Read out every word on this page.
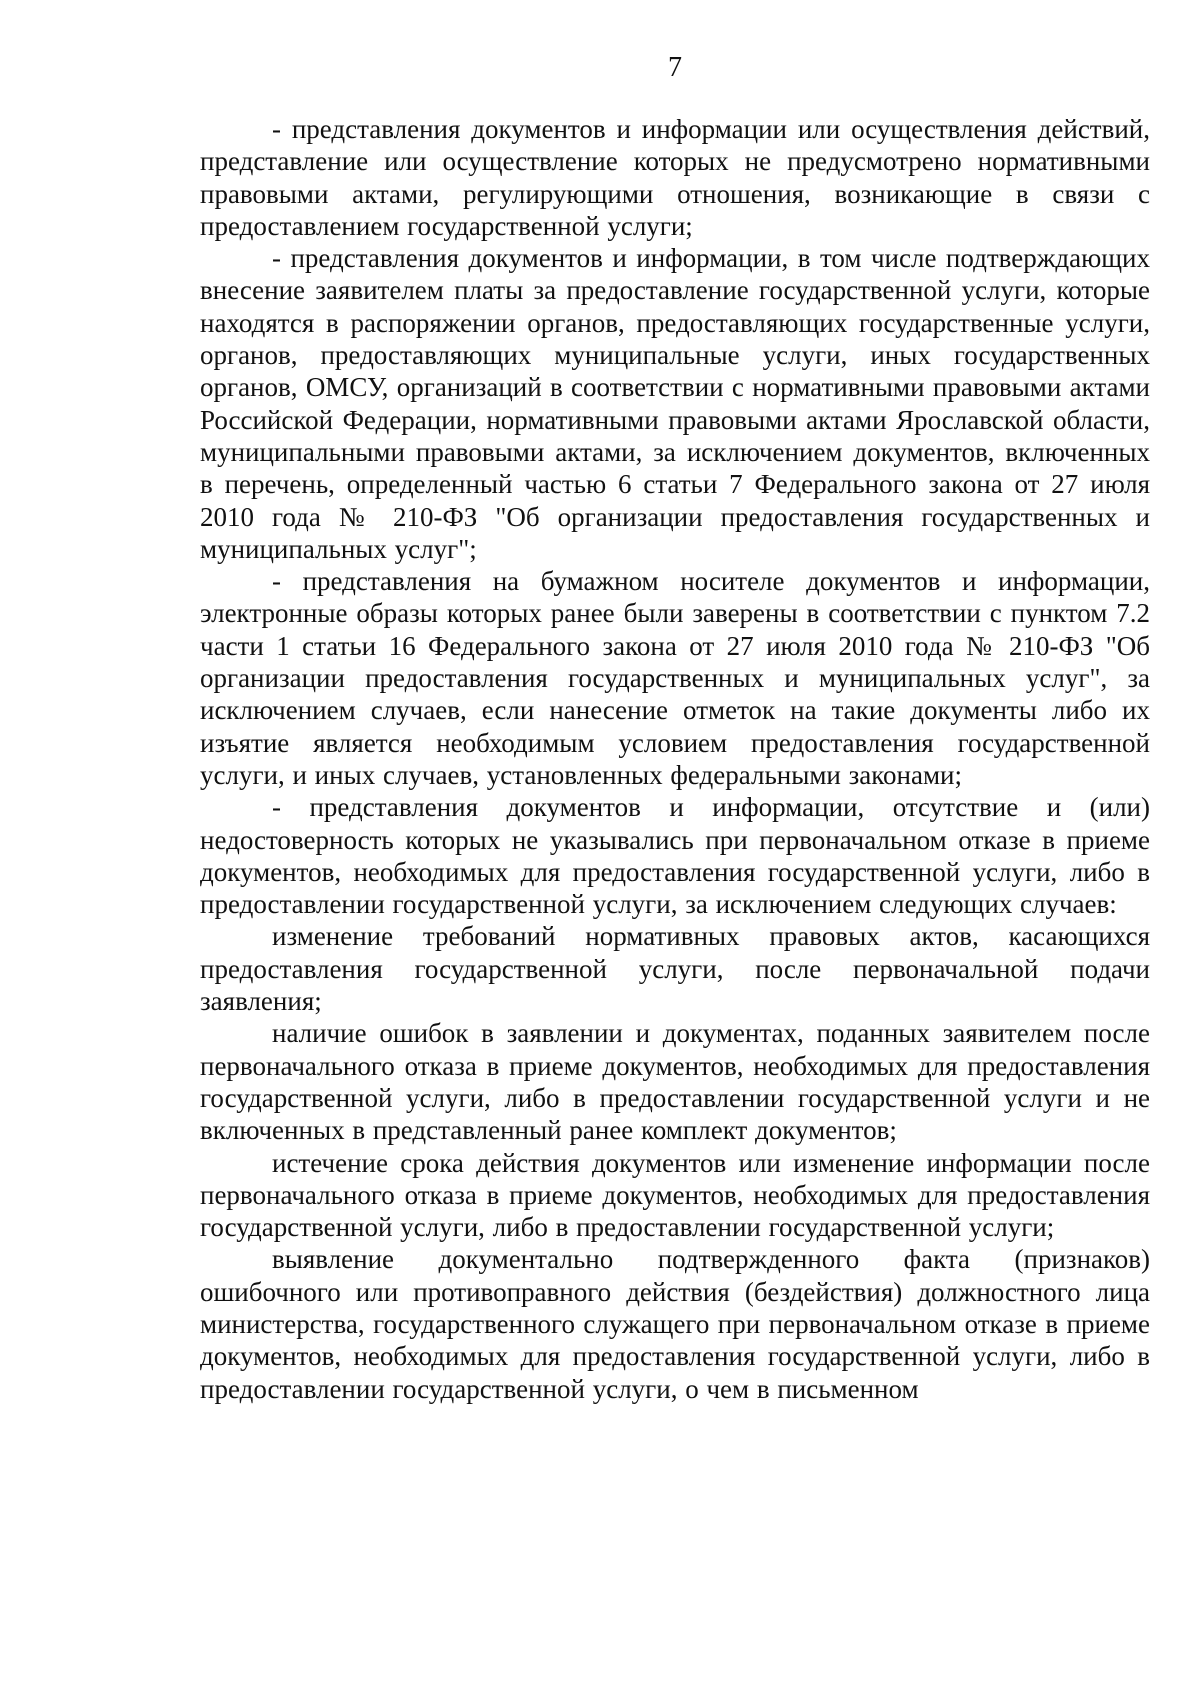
7

- представления документов и информации или осуществления действий, представление или осуществление которых не предусмотрено нормативными правовыми актами, регулирующими отношения, возникающие в связи с предоставлением государственной услуги;

- представления документов и информации, в том числе подтверждающих внесение заявителем платы за предоставление государственной услуги, которые находятся в распоряжении органов, предоставляющих государственные услуги, органов, предоставляющих муниципальные услуги, иных государственных органов, ОМСУ, организаций в соответствии с нормативными правовыми актами Российской Федерации, нормативными правовыми актами Ярославской области, муниципальными правовыми актами, за исключением документов, включенных в перечень, определенный частью 6 статьи 7 Федерального закона от 27 июля 2010 года № 210-ФЗ "Об организации предоставления государственных и муниципальных услуг";

- представления на бумажном носителе документов и информации, электронные образы которых ранее были заверены в соответствии с пунктом 7.2 части 1 статьи 16 Федерального закона от 27 июля 2010 года № 210-ФЗ "Об организации предоставления государственных и муниципальных услуг", за исключением случаев, если нанесение отметок на такие документы либо их изъятие является необходимым условием предоставления государственной услуги, и иных случаев, установленных федеральными законами;

- представления документов и информации, отсутствие и (или) недостоверность которых не указывались при первоначальном отказе в приеме документов, необходимых для предоставления государственной услуги, либо в предоставлении государственной услуги, за исключением следующих случаев:

изменение требований нормативных правовых актов, касающихся предоставления государственной услуги, после первоначальной подачи заявления;

наличие ошибок в заявлении и документах, поданных заявителем после первоначального отказа в приеме документов, необходимых для предоставления государственной услуги, либо в предоставлении государственной услуги и не включенных в представленный ранее комплект документов;

истечение срока действия документов или изменение информации после первоначального отказа в приеме документов, необходимых для предоставления государственной услуги, либо в предоставлении государственной услуги;

выявление документально подтвержденного факта (признаков) ошибочного или противоправного действия (бездействия) должностного лица министерства, государственного служащего при первоначальном отказе в приеме документов, необходимых для предоставления государственной услуги, либо в предоставлении государственной услуги, о чем в письменном
